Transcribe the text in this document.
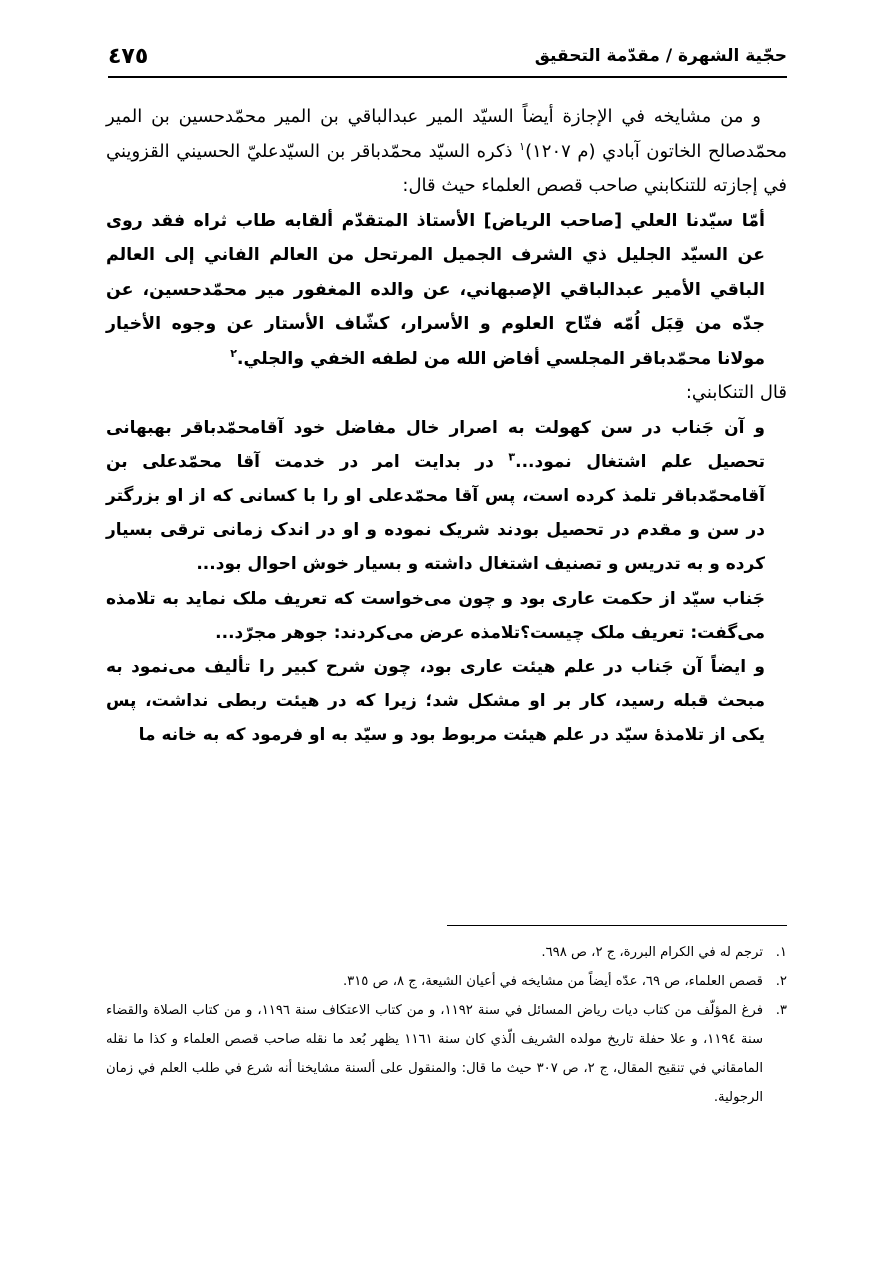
حجّية الشهرة / مقدّمة التحقيق
٤٧٥

و من مشايخه في الإجازة أيضاً السيّد المير عبدالباقي بن المير محمّدحسين بن المير محمّدصالح الخاتون آبادي (م ١٢٠٧)$^١$ ذكره السيّد محمّدباقر بن السيّدعليّ الحسيني القزويني في إجازته للتنكابني صاحب قصص العلماء حيث قال:

أمّا سيّدنا العلي [صاحب الرياض] الأستاذ المتقدّم ألقابه طاب ثراه فقد روى عن السيّد الجليل ذي الشرف الجميل المرتحل من العالم الفاني إلى العالم الباقي الأمير عبدالباقي الإصبهاني، عن والده المغفور مير محمّدحسين، عن جدّه من قِبَل اُمّه فتّاح العلوم و الأسرار، كشّاف الأستار عن وجوه الأخيار مولانا محمّدباقر المجلسي أفاض الله من لطفه الخفي والجلي.$^٢$

قال التنكابني:

و آن جَناب در سن كهولت به اصرار خال مفاضل خود آقامحمّدباقر بهبهانى تحصيل علم اشتغال نمود...$^٣$ در بدايت امر در خدمت آقا محمّدعلى بن آقامحمّدباقر تلمذ كرده است، پس آقا محمّدعلى او را با كسانى كه از او بزرگتر در سن و مقدم در تحصيل بودند شريک نموده و او در اندک زمانى ترقى بسيار كرده و به تدريس و تصنيف اشتغال داشته و بسيار خوش احوال بود...

جَناب سيّد از حكمت عارى بود و چون مى‌خواست كه تعريف ملک نمايد به تلامذه مى‌گفت: تعريف ملک چيست؟تلامذه عرض مى‌كردند: جوهر مجرّد...

و ايضاً آن جَناب در علم هيئت عارى بود، چون شرح كبير را تأليف مى‌نمود به مبحث قبله رسيد، كار بر او مشكل شد؛ زيرا كه در هيئت ربطى نداشت، پس يكى از تلامذهٔ سيّد در علم هيئت مربوط بود و سيّد به او فرمود كه به خانه ما

١.
ترجم له في الكرام البررة، ج ٢، ص ٦٩٨.
٢.
قصص العلماء، ص ٦٩، عدّه أيضاً من مشايخه في أعيان الشيعة، ج ٨، ص ٣١٥.
٣.
فرغ المؤلّف من كتاب ديات رياض المسائل في سنة ١١٩٢، و من كتاب الاعتكاف سنة ١١٩٦، و من كتاب الصلاة والقضاء سنة ١١٩٤، و علا حفلة تاريخ مولده الشريف الّذي كان سنة ١١٦١ يظهر بُعد ما نقله صاحب قصص العلماء و كذا ما نقله المامقاني في تنقيح المقال، ج ٢، ص ٣٠٧ حيث ما قال: والمنقول على ألسنة مشايخنا أنه شرع في طلب العلم في زمان الرجولية.
